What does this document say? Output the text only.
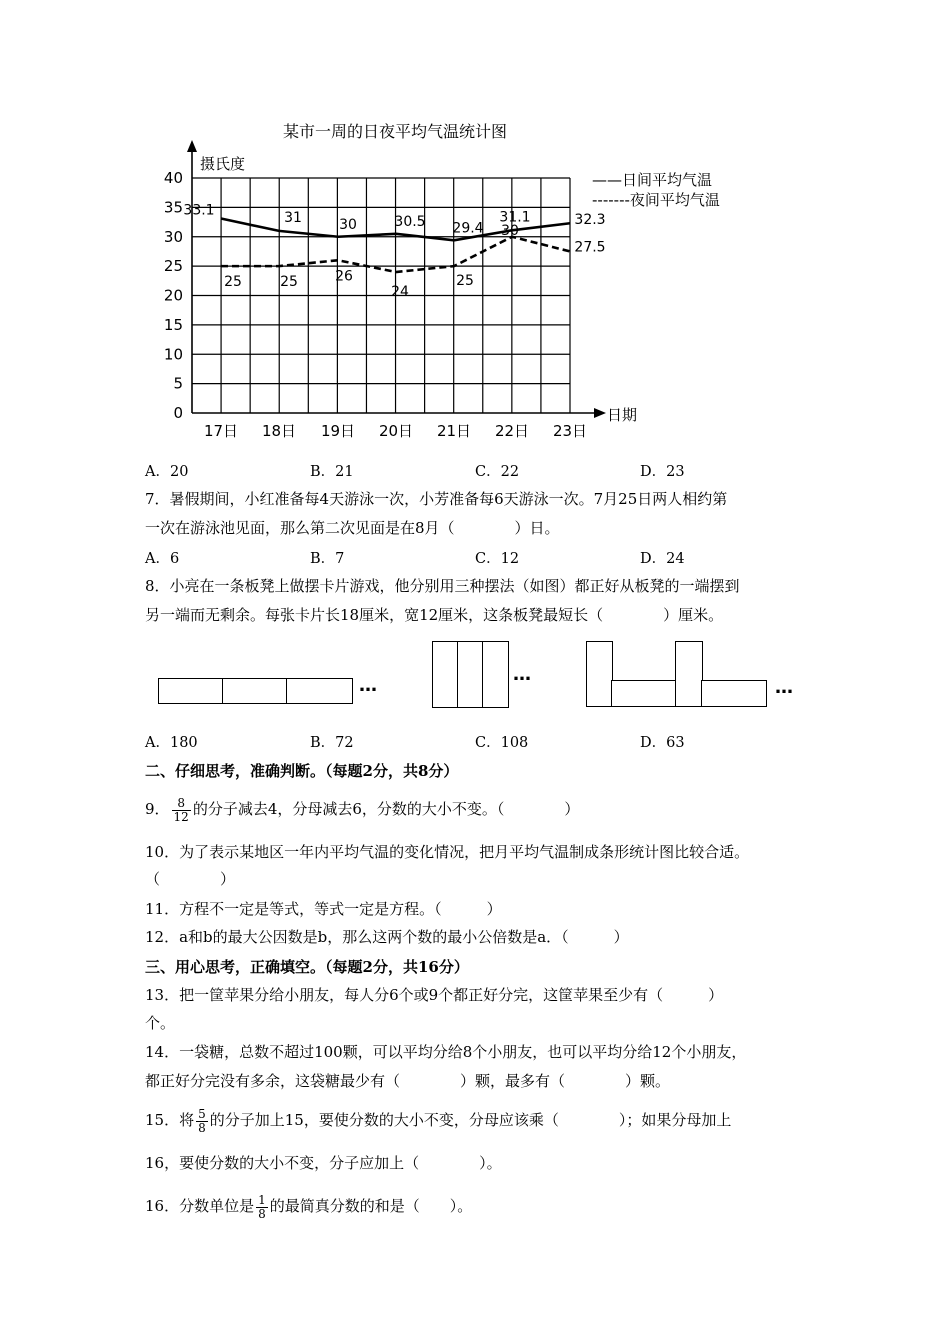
某市一周的日夜平均气温统计图
摄氏度
日期
0
5
10
15
20
25
30
35
40
17日 18日 19日 20日 21日 22日 23日
33.1	31	30	30.5 29.4
31.1	32.3
25	25	26
24
25
30
27.5
——日间平均气温
-------夜间平均气温
A．20	B．21	C．22	D．23
7．暑假期间，小红准备每4天游泳一次，小芳准备每6天游泳一次。7月25日两人相约第
一次在游泳池见面，那么第二次见面是在8月（　　　　）日。
A．6	B．7	C．12	D．24
8．小亮在一条板凳上做摆卡片游戏，他分别用三种摆法（如图）都正好从板凳的一端摆到
另一端而无剩余。每张卡片长18厘米，宽12厘米，这条板凳最短长（　　　　）厘米。
…
…
…
A．180	B．72	C．108	D．63
二、仔细思考，准确判断。（每题2分，共8分）
9． $\frac{8}{12}$ 的分子减去4，分母减去6，分数的大小不变。（　　　　）
10．为了表示某地区一年内平均气温的变化情况，把月平均气温制成条形统计图比较合适。
（　　　　）
11．方程不一定是等式，等式一定是方程。（　　　）
12．a和b的最大公因数是b，那么这两个数的最小公倍数是a．（　　　）
三、用心思考，正确填空。（每题2分，共16分）
13．把一筐苹果分给小朋友，每人分6个或9个都正好分完，这筐苹果至少有（　　　）
个。
14．一袋糖，总数不超过100颗，可以平均分给8个小朋友，也可以平均分给12个小朋友，
都正好分完没有多余，这袋糖最少有（　　　　）颗，最多有（　　　　）颗。
15．将 $\frac{5}{8}$ 的分子加上15，要使分数的大小不变，分母应该乘（　　　　）；如果分母加上
16，要使分数的大小不变，分子应加上（　　　　）。
16．分数单位是 $\frac{1}{8}$ 的最简真分数的和是（　　）。
